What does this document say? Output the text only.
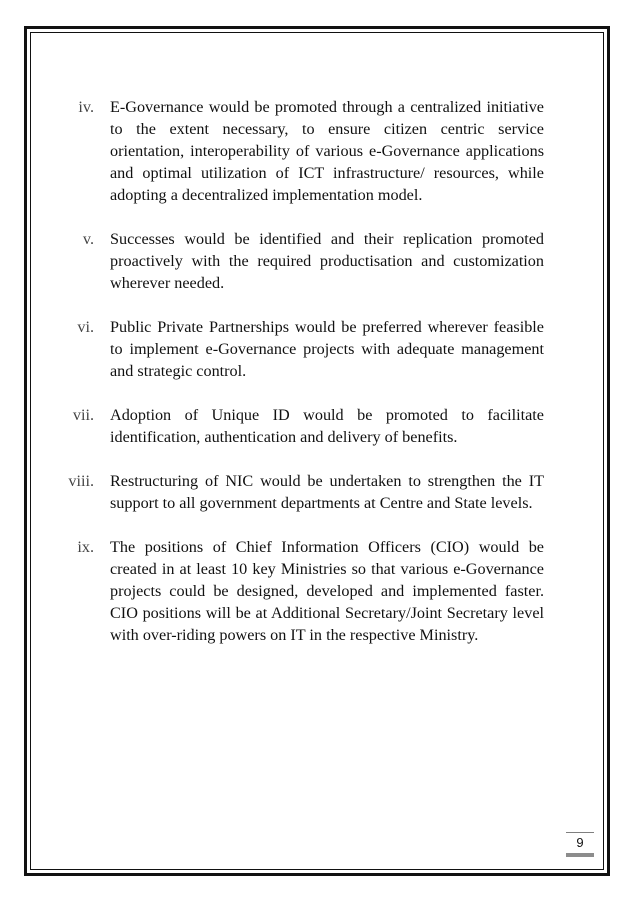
iv. E-Governance would be promoted through a centralized initiative to the extent necessary, to ensure citizen centric service orientation, interoperability of various e-Governance applications and optimal utilization of ICT infrastructure/ resources, while adopting a decentralized implementation model.
v. Successes would be identified and their replication promoted proactively with the required productisation and customization wherever needed.
vi. Public Private Partnerships would be preferred wherever feasible to implement e-Governance projects with adequate management and strategic control.
vii. Adoption of Unique ID would be promoted to facilitate identification, authentication and delivery of benefits.
viii. Restructuring of NIC would be undertaken to strengthen the IT support to all government departments at Centre and State levels.
ix. The positions of Chief Information Officers (CIO) would be created in at least 10 key Ministries so that various e-Governance projects could be designed, developed and implemented faster. CIO positions will be at Additional Secretary/Joint Secretary level with over-riding powers on IT in the respective Ministry.
9
